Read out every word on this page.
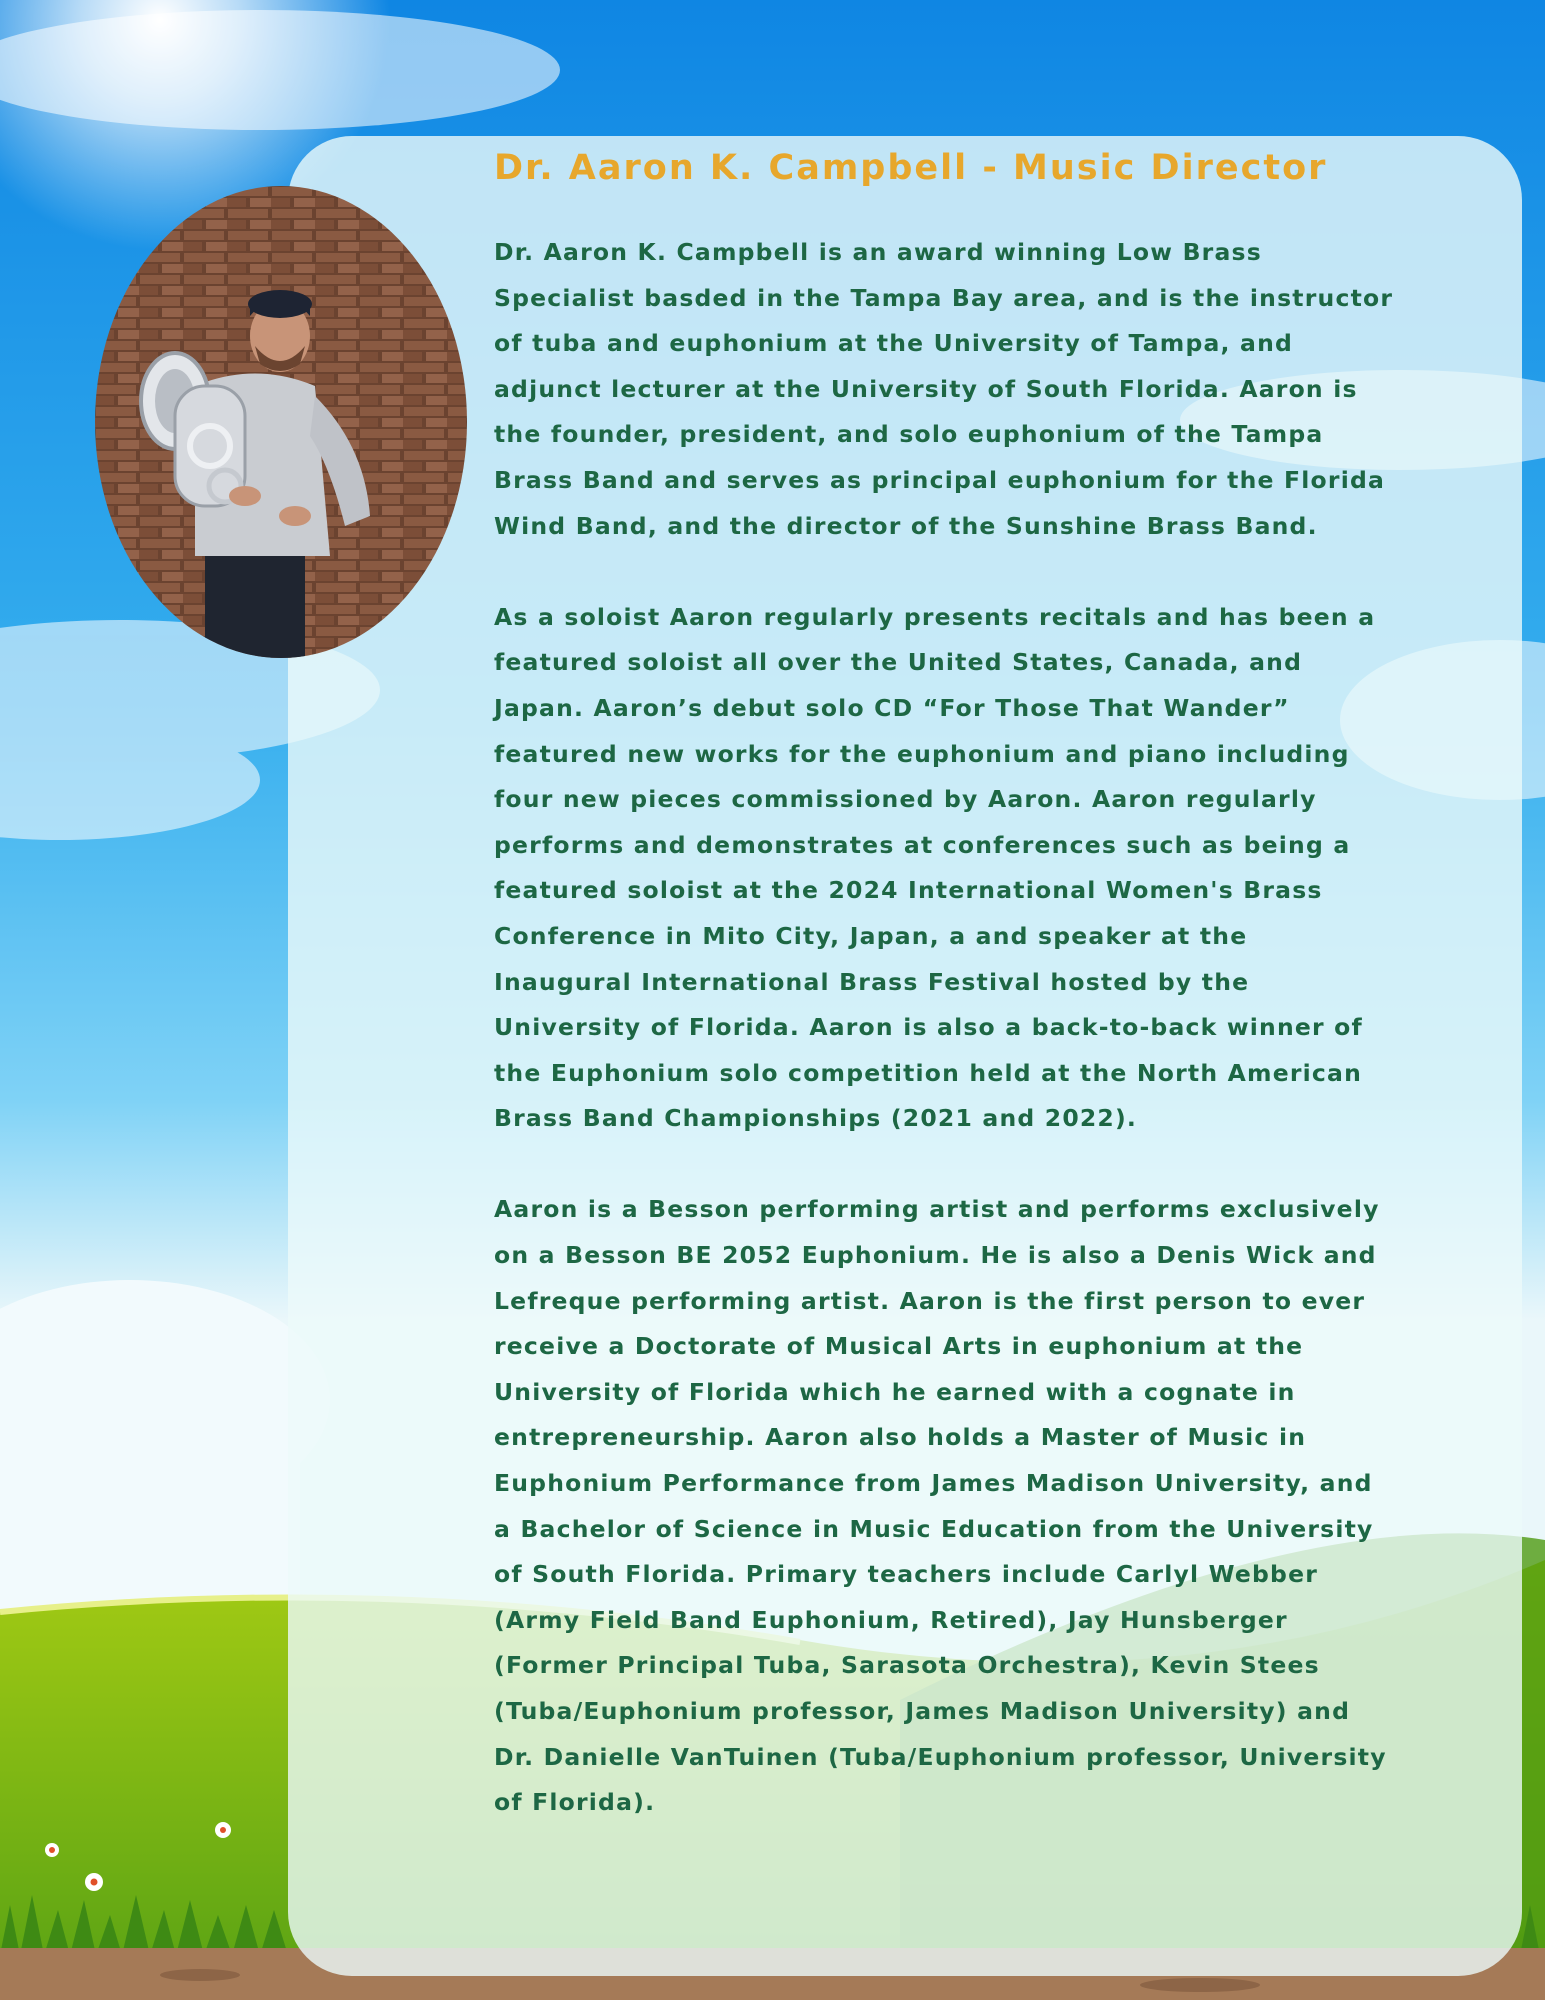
Dr. Aaron K. Campbell - Music Director

Dr. Aaron K. Campbell is an award winning Low Brass Specialist basded in the Tampa Bay area, and is the instructor of tuba and euphonium at the University of Tampa, and adjunct lecturer at the University of South Florida. Aaron is the founder, president, and solo euphonium of the Tampa Brass Band and serves as principal euphonium for the Florida Wind Band, and the director of the Sunshine Brass Band.

As a soloist Aaron regularly presents recitals and has been a featured soloist all over the United States, Canada, and Japan. Aaron’s debut solo CD “For Those That Wander” featured new works for the euphonium and piano including four new pieces commissioned by Aaron. Aaron regularly performs and demonstrates at conferences such as being a featured soloist at the 2024 International Women's Brass Conference in Mito City, Japan, a and speaker at the Inaugural International Brass Festival hosted by the University of Florida. Aaron is also a back-to-back winner of the Euphonium solo competition held at the North American Brass Band Championships (2021 and 2022).

Aaron is a Besson performing artist and performs exclusively on a Besson BE 2052 Euphonium. He is also a Denis Wick and Lefreque performing artist. Aaron is the first person to ever receive a Doctorate of Musical Arts in euphonium at the University of Florida which he earned with a cognate in entrepreneurship. Aaron also holds a Master of Music in Euphonium Performance from James Madison University, and a Bachelor of Science in Music Education from the University of South Florida. Primary teachers include Carlyl Webber (Army Field Band Euphonium, Retired), Jay Hunsberger (Former Principal Tuba, Sarasota Orchestra), Kevin Stees (Tuba/Euphonium professor, James Madison University) and Dr. Danielle VanTuinen (Tuba/Euphonium professor, University of Florida).
